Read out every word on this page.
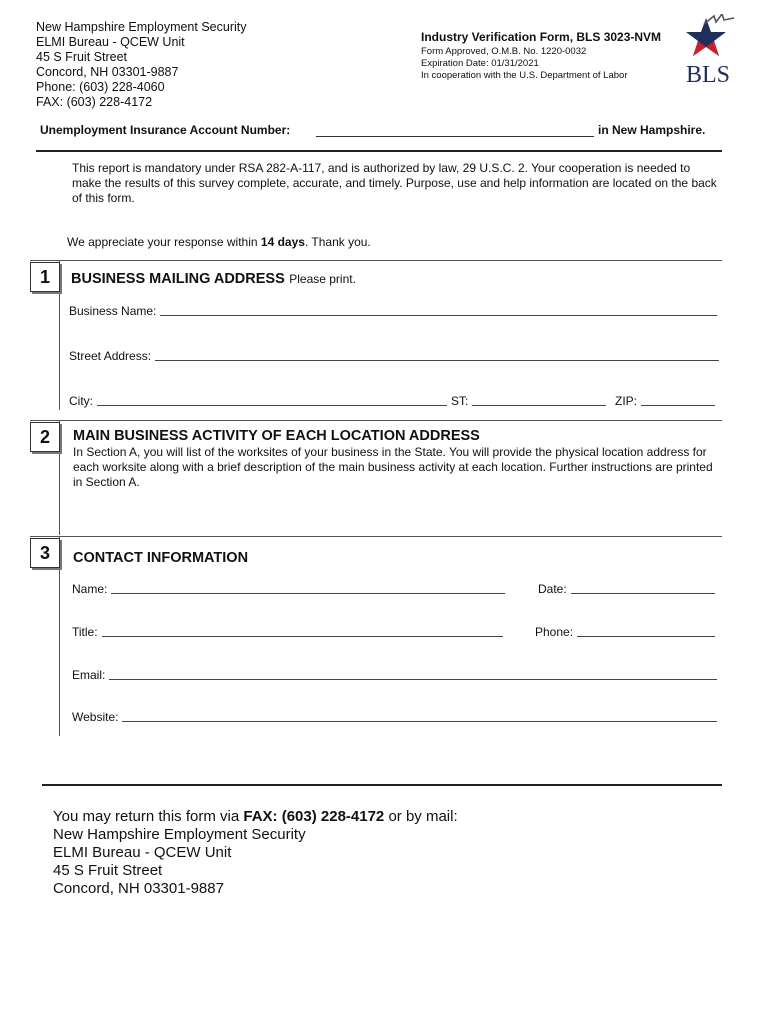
New Hampshire Employment Security
ELMI Bureau - QCEW Unit
45 S Fruit Street
Concord, NH 03301-9887
Phone: (603) 228-4060
FAX: (603) 228-4172
Industry Verification Form, BLS 3023-NVM
Form Approved, O.M.B. No. 1220-0032
Expiration Date: 01/31/2021
In cooperation with the U.S. Department of Labor	BLS
Unemployment Insurance Account Number:	in New Hampshire.
This report is mandatory under RSA 282-A-117, and is authorized by law, 29 U.S.C. 2. Your cooperation is needed to make the results of this survey complete, accurate, and timely. Purpose, use and help information are located on the back of this form.
We appreciate your response within 14 days. Thank you.
1	BUSINESS MAILING ADDRESS Please print.
Business Name:
Street Address:
City:	ST:	ZIP:
2	MAIN BUSINESS ACTIVITY OF EACH LOCATION ADDRESS
In Section A, you will list of the worksites of your business in the State. You will provide the physical location address for each worksite along with a brief description of the main business activity at each location. Further instructions are printed in Section A.
3	CONTACT INFORMATION
Name:	Date:
Title:	Phone:
Email:
Website:
You may return this form via FAX: (603) 228-4172 or by mail:
New Hampshire Employment Security
ELMI Bureau - QCEW Unit
45 S Fruit Street
Concord, NH 03301-9887
